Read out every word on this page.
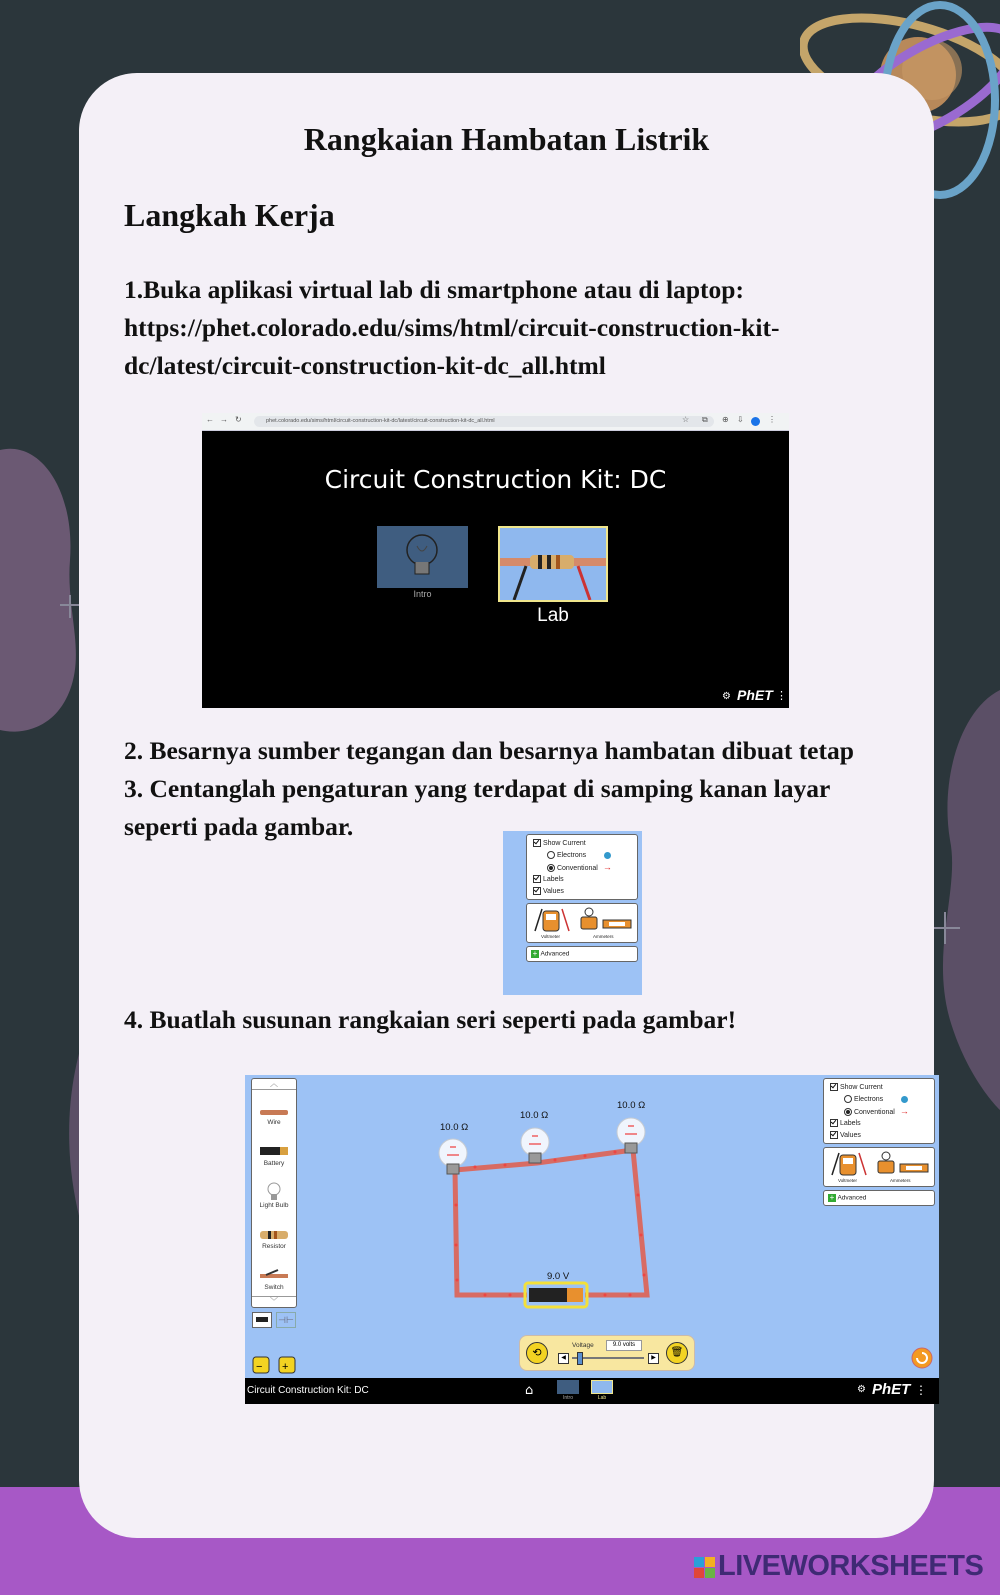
Rangkaian Hambatan Listrik
Langkah Kerja
1.Buka aplikasi virtual lab di smartphone atau di laptop:
https://phet.colorado.edu/sims/html/circuit-construction-kit-
dc/latest/circuit-construction-kit-dc_all.html
2. Besarnya sumber tegangan dan besarnya hambatan dibuat tetap
3. Centanglah pengaturan yang terdapat di samping kanan layar
seperti pada gambar.
4. Buatlah susunan rangkaian seri seperti pada gambar!
← → ↻	phet.colorado.edu/sims/html/circuit-construction-kit-dc/latest/circuit-construction-kit-dc_all.html	☆ ⧉ ⊕ ⇩	⋮
Circuit Construction Kit: DC
Intro
Lab
⚙ PhET ⋮
Show Current
Electrons
Conventional →
Labels
Values
Voltmeter	Ammeters
+ Advanced
︿
Wire
Battery
Light Bulb
Resistor
Switch
﹀
⊣⊢
− +
10.0 Ω
10.0 Ω
10.0 Ω
9.0 V
⟲
Voltage	9.0 volts
◀	▶	🗑
Show Current
Electrons
Conventional →
Labels
Values
Voltmeter	Ammeters
+ Advanced
Circuit Construction Kit: DC	⌂	Intro	Lab
⚙ PhET ⋮
LIVEWORKSHEETS
